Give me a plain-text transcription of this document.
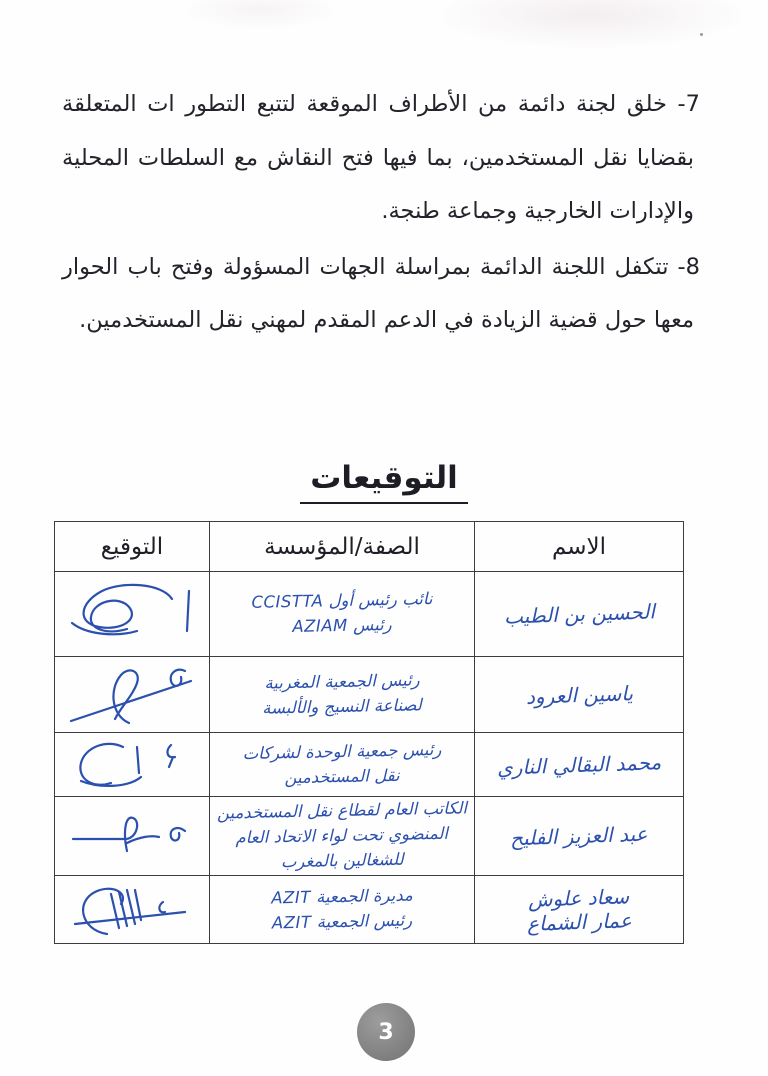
7- خلق لجنة دائمة من الأطراف الموقعة لتتبع التطور ات المتعلقة بقضايا نقل المستخدمين، بما فيها فتح النقاش مع السلطات المحلية والإدارات الخارجية وجماعة طنجة.

8- تتكفل اللجنة الدائمة بمراسلة الجهات المسؤولة وفتح باب الحوار معها حول قضية الزيادة في الدعم المقدم لمهني نقل المستخدمين.

التوقيعات
الاسم	الصفة/المؤسسة	التوقيع
الحسين بن الطيب	نائب رئيس أول CCISTTA
رئيس AZIAM

ياسين العرود	رئيس الجمعية المغربية
لصناعة النسيج والألبسة

محمد البقالي الناري	رئيس جمعية الوحدة لشركات
نقل المستخدمين

عبد العزيز الفليح	الكاتب العام لقطاع نقل المستخدمين
المنضوي تحت لواء الاتحاد العام للشغالين بالمغرب

سعاد علوش
عمار الشماع	مديرة الجمعية AZIT
رئيس الجمعية AZIT

3
